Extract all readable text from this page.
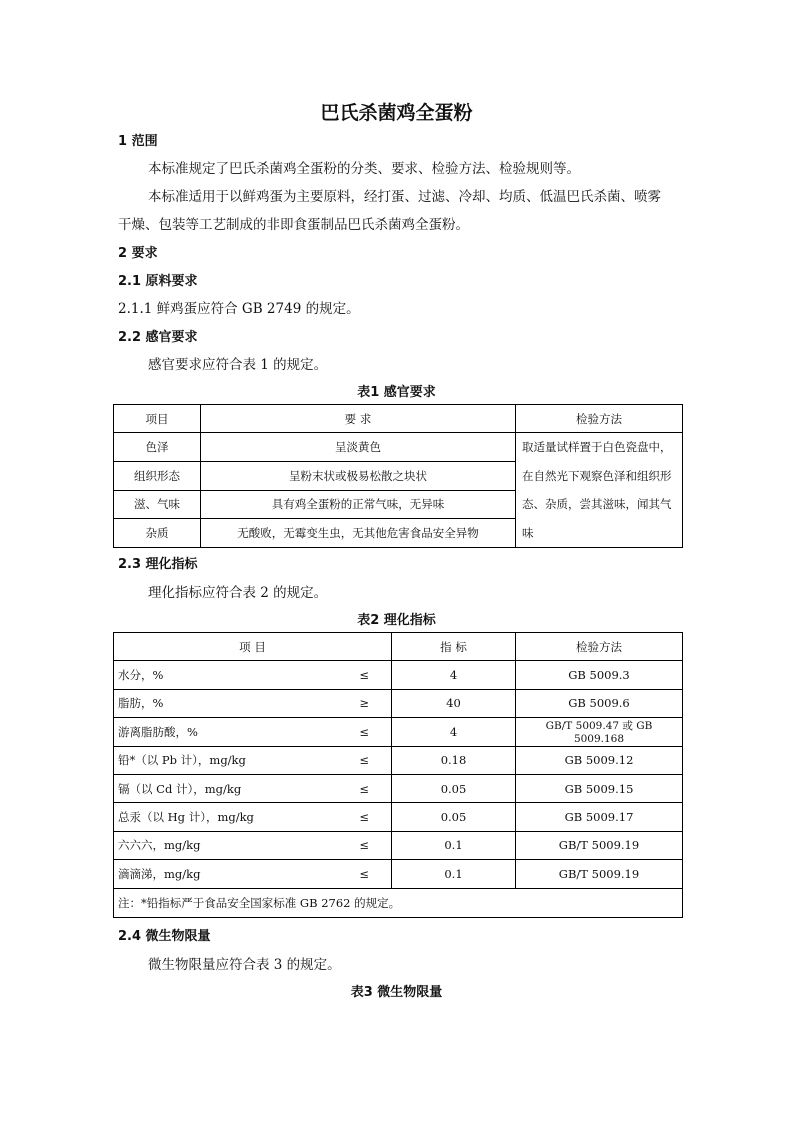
巴氏杀菌鸡全蛋粉

1 范围

本标准规定了巴氏杀菌鸡全蛋粉的分类、要求、检验方法、检验规则等。

本标准适用于以鲜鸡蛋为主要原料，经打蛋、过滤、冷却、均质、低温巴氏杀菌、喷雾

干燥、包装等工艺制成的非即食蛋制品巴氏杀菌鸡全蛋粉。

2 要求

2.1 原料要求

2.1.1 鲜鸡蛋应符合 GB 2749 的规定。

2.2 感官要求

感官要求应符合表 1 的规定。

表1 感官要求

项目	要 求	检验方法
色泽	呈淡黄色	取适量试样置于白色瓷盘中，在自然光下观察色泽和组织形态、杂质，尝其滋味，闻其气味
组织形态	呈粉末状或极易松散之块状	
滋、气味	具有鸡全蛋粉的正常气味，无异味	
杂质	无酸败，无霉变生虫，无其他危害食品安全异物	

2.3 理化指标

理化指标应符合表 2 的规定。

表2 理化指标

项 目		指 标	检验方法
水分，%	≤	4	GB 5009.3
脂肪，%	≥	40	GB 5009.6
游离脂肪酸，%	≤	4	GB/T 5009.47 或 GB 5009.168
铅*（以 Pb 计），mg/kg	≤	0.18	GB 5009.12
镉（以 Cd 计），mg/kg	≤	0.05	GB 5009.15
总汞（以 Hg 计），mg/kg	≤	0.05	GB 5009.17
六六六，mg/kg	≤	0.1	GB/T 5009.19
滴滴涕，mg/kg	≤	0.1	GB/T 5009.19
注：*铅指标严于食品安全国家标准 GB 2762 的规定。			

2.4 微生物限量

微生物限量应符合表 3 的规定。

表3 微生物限量
